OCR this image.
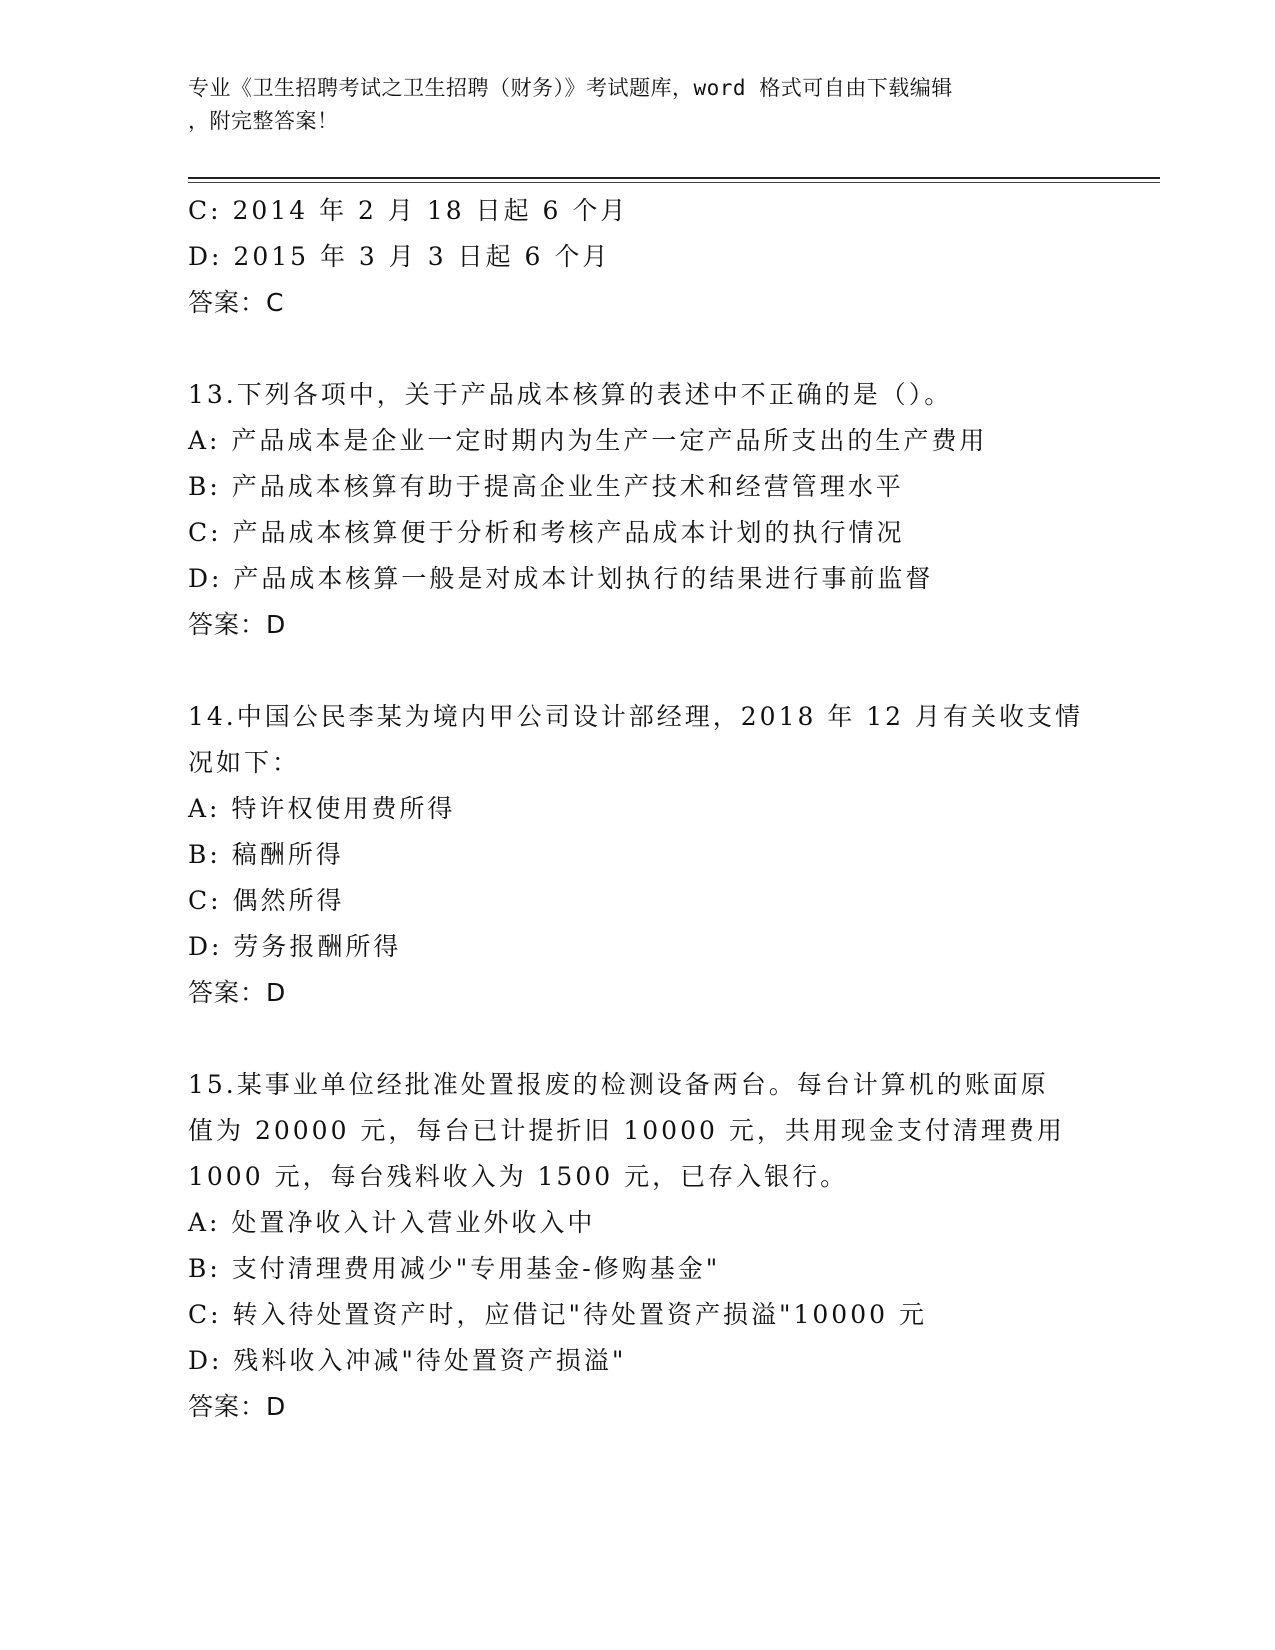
专业《卫生招聘考试之卫生招聘（财务）》考试题库，word 格式可自由下载编辑
，附完整答案！
C: 2014 年 2 月 18 日起 6 个月
D: 2015 年 3 月 3 日起 6 个月
答案：C
13.下列各项中，关于产品成本核算的表述中不正确的是（）。
A: 产品成本是企业一定时期内为生产一定产品所支出的生产费用
B: 产品成本核算有助于提高企业生产技术和经营管理水平
C: 产品成本核算便于分析和考核产品成本计划的执行情况
D: 产品成本核算一般是对成本计划执行的结果进行事前监督
答案：D
14.中国公民李某为境内甲公司设计部经理，2018 年 12 月有关收支情
况如下：
A: 特许权使用费所得
B: 稿酬所得
C: 偶然所得
D: 劳务报酬所得
答案：D
15.某事业单位经批准处置报废的检测设备两台。每台计算机的账面原
值为 20000 元，每台已计提折旧 10000 元，共用现金支付清理费用
1000 元，每台残料收入为 1500 元，已存入银行。
A: 处置净收入计入营业外收入中
B: 支付清理费用减少"专用基金-修购基金"
C: 转入待处置资产时，应借记"待处置资产损溢"10000 元
D: 残料收入冲减"待处置资产损溢"
答案：D
